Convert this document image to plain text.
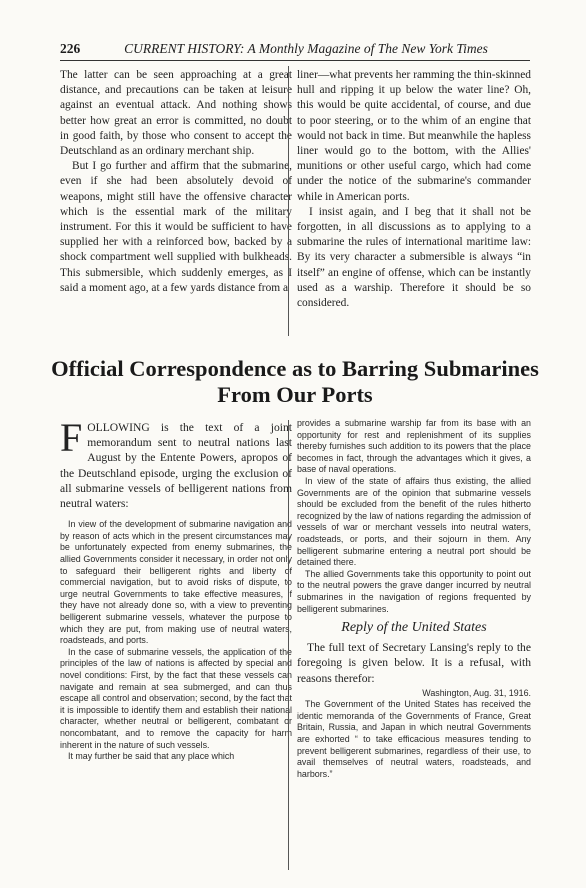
226	CURRENT HISTORY: A Monthly Magazine of The New York Times

The latter can be seen approaching at a great distance, and precautions can be taken at leisure against an eventual attack. And nothing shows better how great an error is committed, no doubt in good faith, by those who consent to accept the Deutschland as an ordinary merchant ship.

But I go further and affirm that the submarine, even if she had been absolutely devoid of weapons, might still have the offensive character which is the essential mark of the military instrument. For this it would be sufficient to have supplied her with a reinforced bow, backed by a shock compartment well supplied with bulkheads. This submersible, which suddenly emerges, as I said a moment ago, at a few yards distance from a

liner—what prevents her ramming the thin-skinned hull and ripping it up below the water line? Oh, this would be quite accidental, of course, and due to poor steering, or to the whim of an engine that would not back in time. But meanwhile the hapless liner would go to the bottom, with the Allies' munitions or other useful cargo, which had come under the notice of the submarine's commander while in American ports.

I insist again, and I beg that it shall not be forgotten, in all discussions as to applying to a submarine the rules of international maritime law: By its very character a submersible is always “in itself” an engine of offense, which can be instantly used as a warship. Therefore it should be so considered.

Official Correspondence as to Barring Submarines
From Our Ports

FOLLOWING is the text of a joint memorandum sent to neutral nations last August by the Entente Powers, apropos of the Deutschland episode, urging the exclusion of all submarine vessels of belligerent nations from neutral waters:

In view of the development of submarine navigation and by reason of acts which in the present circumstances may be unfortunately expected from enemy submarines, the allied Governments consider it necessary, in order not only to safeguard their belligerent rights and liberty of commercial navigation, but to avoid risks of dispute, to urge neutral Governments to take effective measures, if they have not already done so, with a view to preventing belligerent submarine vessels, whatever the purpose to which they are put, from making use of neutral waters, roadsteads, and ports.

In the case of submarine vessels, the application of the principles of the law of nations is affected by special and novel conditions: First, by the fact that these vessels can navigate and remain at sea submerged, and can thus escape all control and observation; second, by the fact that it is impossible to identify them and establish their national character, whether neutral or belligerent, combatant or noncombatant, and to remove the capacity for harm inherent in the nature of such vessels.

It may further be said that any place which

provides a submarine warship far from its base with an opportunity for rest and replenishment of its supplies thereby furnishes such addition to its powers that the place becomes in fact, through the advantages which it gives, a base of naval operations.

In view of the state of affairs thus existing, the allied Governments are of the opinion that submarine vessels should be excluded from the benefit of the rules hitherto recognized by the law of nations regarding the admission of vessels of war or merchant vessels into neutral waters, roadsteads, or ports, and their sojourn in them. Any belligerent submarine entering a neutral port should be detained there.

The allied Governments take this opportunity to point out to the neutral powers the grave danger incurred by neutral submarines in the navigation of regions frequented by belligerent submarines.

Reply of the United States

The full text of Secretary Lansing's reply to the foregoing is given below. It is a refusal, with reasons therefor:

Washington, Aug. 31, 1916.

The Government of the United States has received the identic memoranda of the Governments of France, Great Britain, Russia, and Japan in which neutral Governments are exhorted “ to take efficacious measures tending to prevent belligerent submarines, regardless of their use, to avail themselves of neutral waters, roadsteads, and harbors.”
